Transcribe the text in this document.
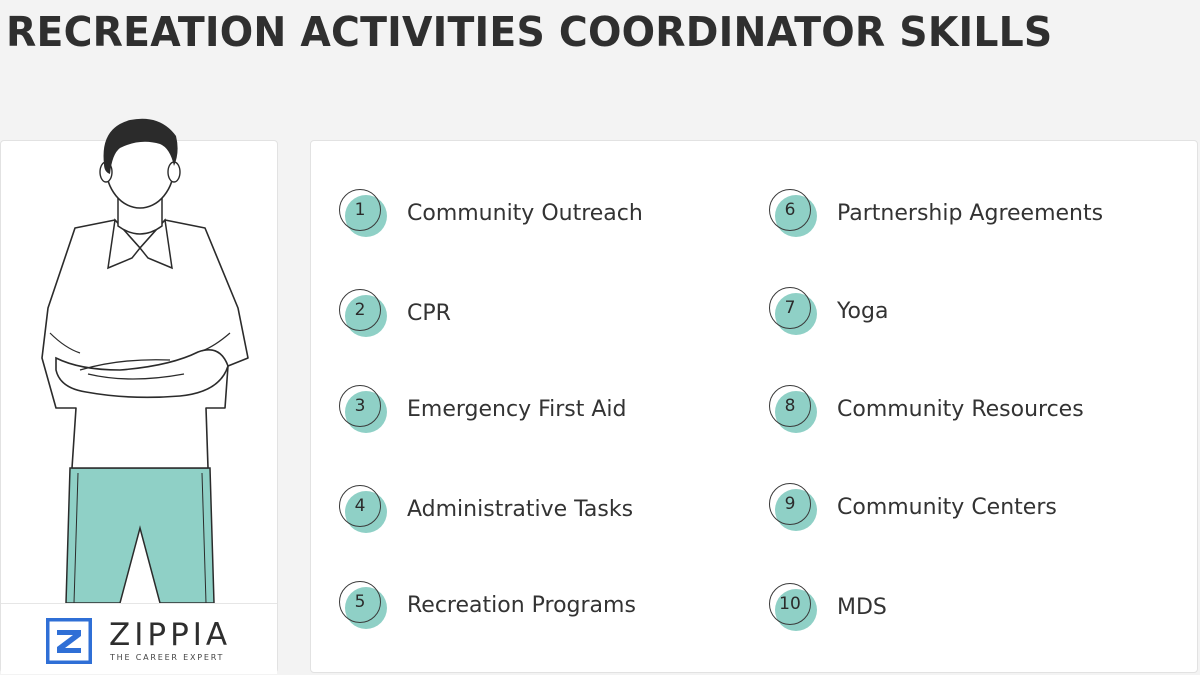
RECREATION ACTIVITIES COORDINATOR SKILLS
ZIPPIA
THE CAREER EXPERT
1	Community Outreach
2	CPR
3	Emergency First Aid
4	Administrative Tasks
5	Recreation Programs
6	Partnership Agreements
7	Yoga
8	Community Resources
9	Community Centers
10	MDS
